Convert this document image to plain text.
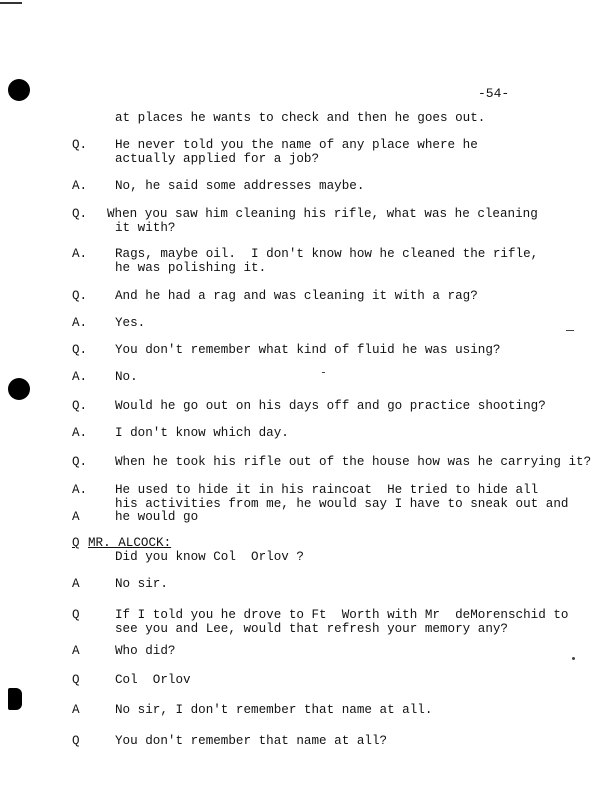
-54-
at places he wants to check and then he goes out.
Q. He never told you the name of any place where he
actually applied for a job?
A. No, he said some addresses maybe.
Q. When you saw him cleaning his rifle, what was he cleaning
it with?
A. Rags, maybe oil.  I don't know how he cleaned the rifle,
he was polishing it.
Q. And he had a rag and was cleaning it with a rag?
A. Yes.
Q. You don't remember what kind of fluid he was using?
A. No.
Q. Would he go out on his days off and go practice shooting?
A. I don't know which day.
Q. When he took his rifle out of the house how was he carrying it?
A. He used to hide it in his raincoat  He tried to hide all
his activities from me, he would say I have to sneak out and
A	he would go
Q MR. ALCOCK:
Did you know Col  Orlov ?
A	No sir.
Q	If I told you he drove to Ft  Worth with Mr  deMorenschid to
see you and Lee, would that refresh your memory any?
A	Who did?
Q	Col  Orlov
A	No sir, I don't remember that name at all.
Q	You don't remember that name at all?
